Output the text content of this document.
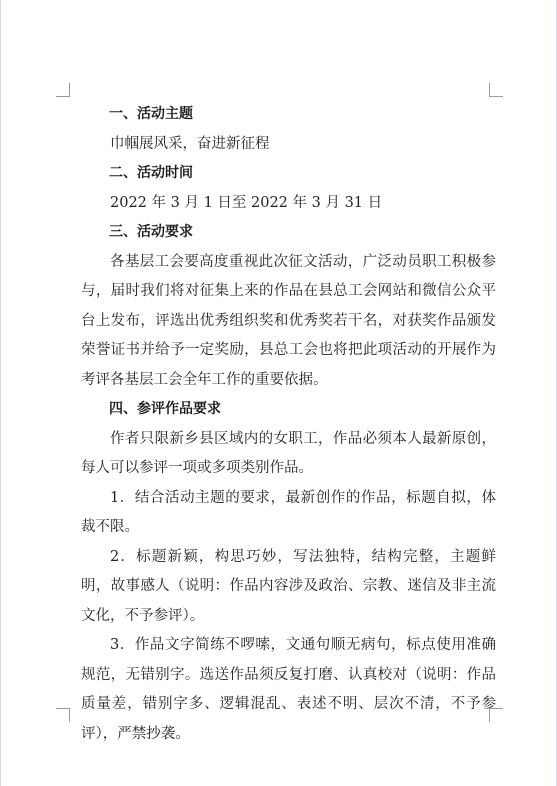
一、活动主题

巾帼展风采，奋进新征程

二、活动时间

2022 年 3 月 1 日至 2022 年 3 月 31 日

三、活动要求

各基层工会要高度重视此次征文活动，广泛动员职工积极参与，届时我们将对征集上来的作品在县总工会网站和微信公众平台上发布，评选出优秀组织奖和优秀奖若干名，对获奖作品颁发荣誉证书并给予一定奖励，县总工会也将把此项活动的开展作为考评各基层工会全年工作的重要依据。

四、参评作品要求

作者只限新乡县区域内的女职工，作品必须本人最新原创，每人可以参评一项或多项类别作品。

1．结合活动主题的要求，最新创作的作品，标题自拟，体裁不限。

2．标题新颖，构思巧妙，写法独特，结构完整，主题鲜明，故事感人（说明：作品内容涉及政治、宗教、迷信及非主流文化，不予参评）。

3．作品文字简练不啰嗦，文通句顺无病句，标点使用准确规范，无错别字。选送作品须反复打磨、认真校对（说明：作品质量差，错别字多、逻辑混乱、表述不明、层次不清，不予参评），严禁抄袭。
